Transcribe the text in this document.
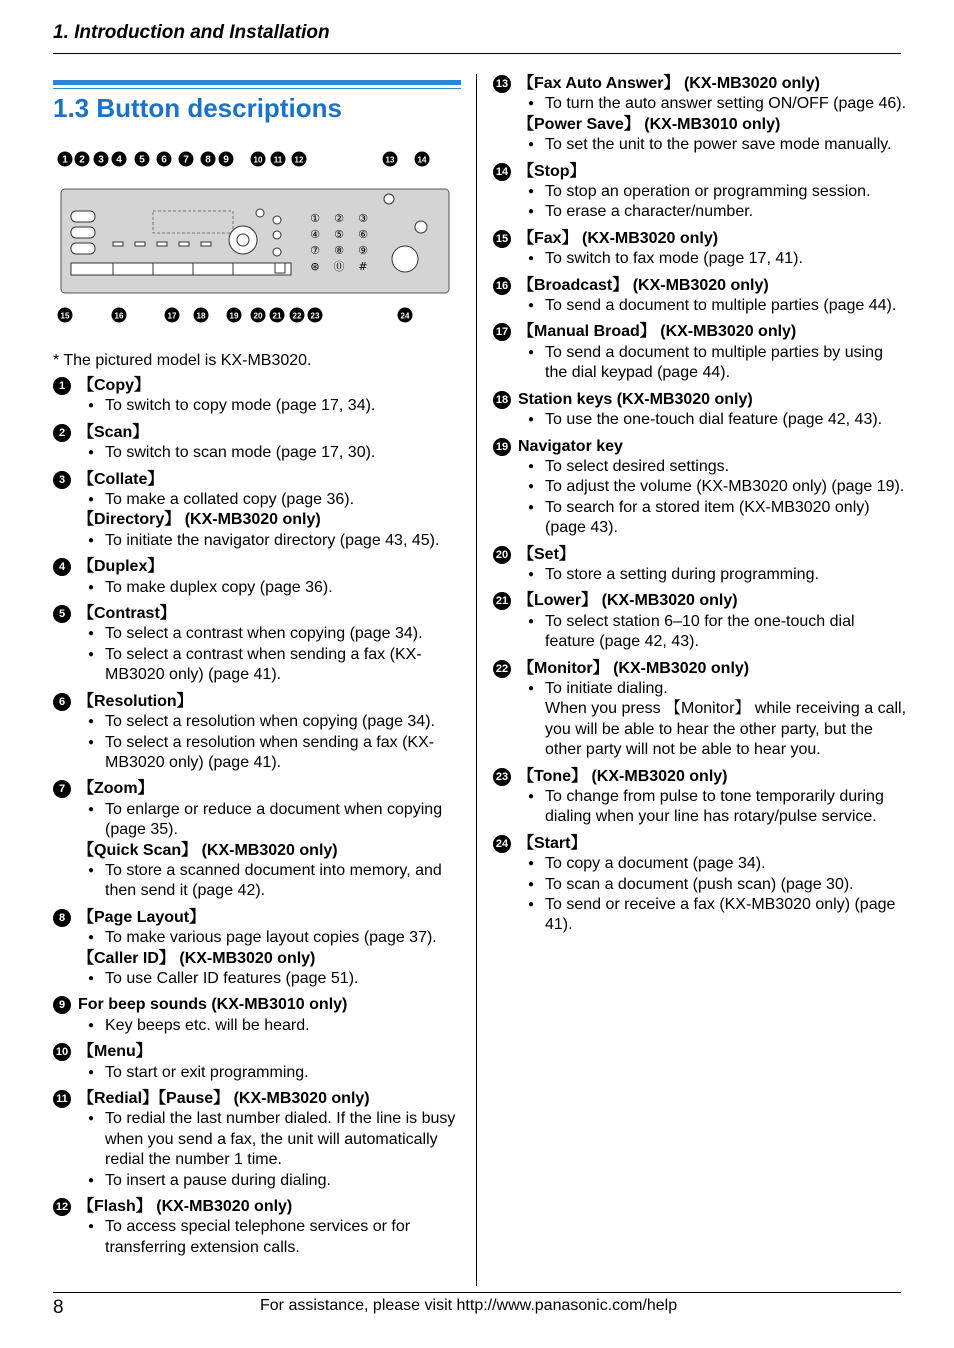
1. Introduction and Installation
1.3 Button descriptions
1 2 3 4 5 6 7 8 9	10 11 12	13	14
① ② ③
④ ⑤ ⑥
⑦ ⑧ ⑨
⊛ ⓪ #
15	16	17	18	19 20 21 22 23	24
* The pictured model is KX-MB3020.
1 【Copy】
● To switch to copy mode (page 17, 34).
2 【Scan】
● To switch to scan mode (page 17, 30).
3 【Collate】
● To make a collated copy (page 36).
【Directory】 (KX-MB3020 only)
● To initiate the navigator directory (page 43, 45).
4 【Duplex】
● To make duplex copy (page 36).
5 【Contrast】
● To select a contrast when copying (page 34).
● To select a contrast when sending a fax (KX-MB3020 only) (page 41).
6 【Resolution】
● To select a resolution when copying (page 34).
● To select a resolution when sending a fax (KX-MB3020 only) (page 41).
7 【Zoom】
● To enlarge or reduce a document when copying (page 35).
【Quick Scan】 (KX-MB3020 only)
● To store a scanned document into memory, and then send it (page 42).
8 【Page Layout】
● To make various page layout copies (page 37).
【Caller ID】 (KX-MB3020 only)
● To use Caller ID features (page 51).
9 For beep sounds (KX-MB3010 only)
● Key beeps etc. will be heard.
10 【Menu】
● To start or exit programming.
11 【Redial】【Pause】 (KX-MB3020 only)
● To redial the last number dialed. If the line is busy when you send a fax, the unit will automatically redial the number 1 time.
● To insert a pause during dialing.
12 【Flash】 (KX-MB3020 only)
● To access special telephone services or for transferring extension calls.
13 【Fax Auto Answer】 (KX-MB3020 only)
● To turn the auto answer setting ON/OFF (page 46).
【Power Save】 (KX-MB3010 only)
● To set the unit to the power save mode manually.
14 【Stop】
● To stop an operation or programming session.
● To erase a character/number.
15 【Fax】 (KX-MB3020 only)
● To switch to fax mode (page 17, 41).
16 【Broadcast】 (KX-MB3020 only)
● To send a document to multiple parties (page 44).
17 【Manual Broad】 (KX-MB3020 only)
● To send a document to multiple parties by using the dial keypad (page 44).
18 Station keys (KX-MB3020 only)
● To use the one-touch dial feature (page 42, 43).
19 Navigator key
● To select desired settings.
● To adjust the volume (KX-MB3020 only) (page 19).
● To search for a stored item (KX-MB3020 only) (page 43).
20 【Set】
● To store a setting during programming.
21 【Lower】 (KX-MB3020 only)
● To select station 6–10 for the one-touch dial feature (page 42, 43).
22 【Monitor】 (KX-MB3020 only)
● To initiate dialing.
When you press 【Monitor】 while receiving a call, you will be able to hear the other party, but the other party will not be able to hear you.
23 【Tone】 (KX-MB3020 only)
● To change from pulse to tone temporarily during dialing when your line has rotary/pulse service.
24 【Start】
● To copy a document (page 34).
● To scan a document (push scan) (page 30).
● To send or receive a fax (KX-MB3020 only) (page 41).
8	For assistance, please visit http://www.panasonic.com/help
